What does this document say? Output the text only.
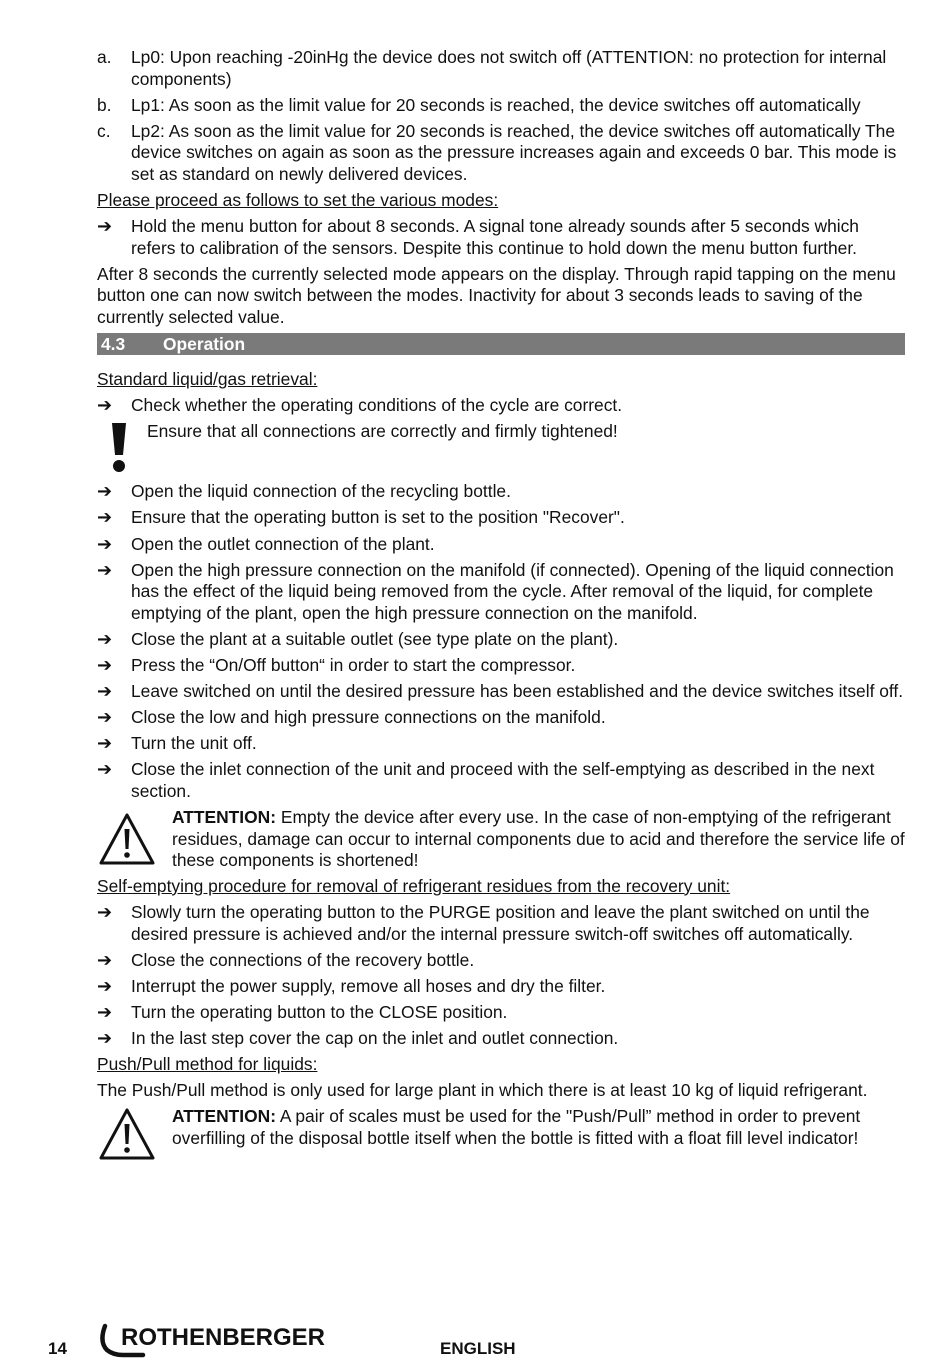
a.	Lp0: Upon reaching -20inHg the device does not switch off (ATTENTION: no protection for internal components)
b.	Lp1: As soon as the limit value for 20 seconds is reached, the device switches off automatically
c.	Lp2: As soon as the limit value for 20 seconds is reached, the device switches off automatically The device switches on again as soon as the pressure increases again and exceeds 0 bar. This mode is set as standard on newly delivered devices.
Please proceed as follows to set the various modes:
➔	Hold the menu button for about 8 seconds. A signal tone already sounds after 5 seconds which refers to calibration of the sensors. Despite this continue to hold down the menu button further.
After 8 seconds the currently selected mode appears on the display. Through rapid tapping on the menu button one can now switch between the modes. Inactivity for about 3 seconds leads to saving of the currently selected value.
4.3	Operation
Standard liquid/gas retrieval:
➔	Check whether the operating conditions of the cycle are correct.
Ensure that all connections are correctly and firmly tightened!
➔	Open the liquid connection of the recycling bottle.
➔	Ensure that the operating button is set to the position "Recover".
➔	Open the outlet connection of the plant.
➔	Open the high pressure connection on the manifold (if connected). Opening of the liquid connection has the effect of the liquid being removed from the cycle. After removal of the liquid, for complete emptying of the plant, open the high pressure connection on the manifold.
➔	Close the plant at a suitable outlet (see type plate on the plant).
➔	Press the “On/Off button“ in order to start the compressor.
➔	Leave switched on until the desired pressure has been established and the device switches itself off.
➔	Close the low and high pressure connections on the manifold.
➔	Turn the unit off.
➔	Close the inlet connection of the unit and proceed with the self-emptying as described in the next section.
ATTENTION: Empty the device after every use. In the case of non-emptying of the refrigerant residues, damage can occur to internal components due to acid and therefore the service life of these components is shortened!
Self-emptying procedure for removal of refrigerant residues from the recovery unit:
➔	Slowly turn the operating button to the PURGE position and leave the plant switched on until the desired pressure is achieved and/or the internal pressure switch-off switches off automatically.
➔	Close the connections of the recovery bottle.
➔	Interrupt the power supply, remove all hoses and dry the filter.
➔	Turn the operating button to the CLOSE position.
➔	In the last step cover the cap on the inlet and outlet connection.
Push/Pull method for liquids:
The Push/Pull method is only used for large plant in which there is at least 10 kg of liquid refrigerant.
ATTENTION: A pair of scales must be used for the "Push/Pull” method in order to prevent overfilling of the disposal bottle itself when the bottle is fitted with a float fill level indicator!
14 ROTHENBERGER	ENGLISH
